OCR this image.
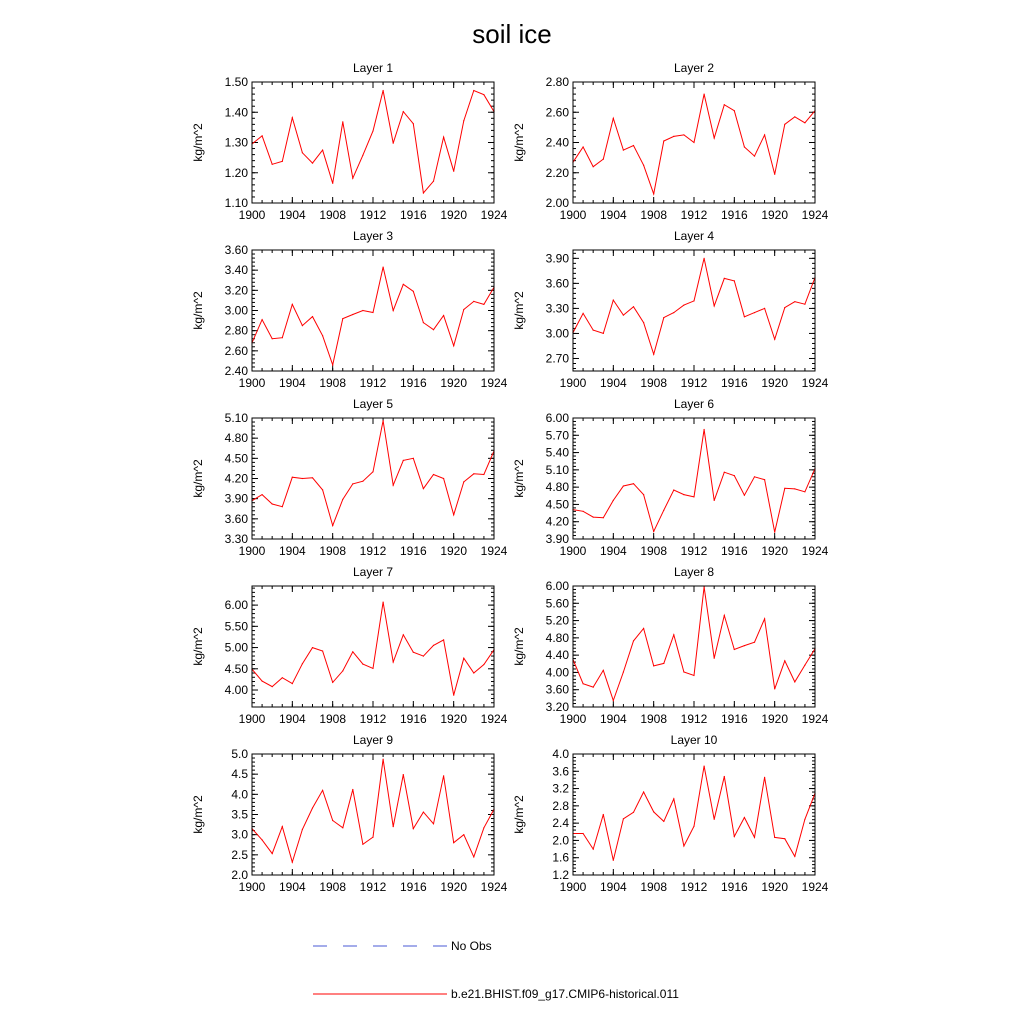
soil ice
Layer 1
kg/m^2
1900 1904 1908 1912 1916 1920 1924
1.10
1.20
1.30
1.40
1.50
Layer 2
kg/m^2
1900 1904 1908 1912 1916 1920 1924
2.00
2.20
2.40
2.60
2.80
Layer 3
kg/m^2
1900 1904 1908 1912 1916 1920 1924
2.40
2.60
2.80
3.00
3.20
3.40
3.60
Layer 4
kg/m^2
1900 1904 1908 1912 1916 1920 1924
2.70
3.00
3.30
3.60
3.90
Layer 5
kg/m^2
1900 1904 1908 1912 1916 1920 1924
3.30
3.60
3.90
4.20
4.50
4.80
5.10
Layer 6
kg/m^2
1900 1904 1908 1912 1916 1920 1924
3.90
4.20
4.50
4.80
5.10
5.40
5.70
6.00
Layer 7
kg/m^2
1900 1904 1908 1912 1916 1920 1924
4.00
4.50
5.00
5.50
6.00
Layer 8
kg/m^2
1900 1904 1908 1912 1916 1920 1924
3.20
3.60
4.00
4.40
4.80
5.20
5.60
6.00
Layer 9
kg/m^2
1900 1904 1908 1912 1916 1920 1924
2.0
2.5
3.0
3.5
4.0
4.5
5.0
Layer 10
kg/m^2
1900 1904 1908 1912 1916 1920 1924
1.2
1.6
2.0
2.4
2.8
3.2
3.6
4.0
No Obs
b.e21.BHIST.f09_g17.CMIP6-historical.011
